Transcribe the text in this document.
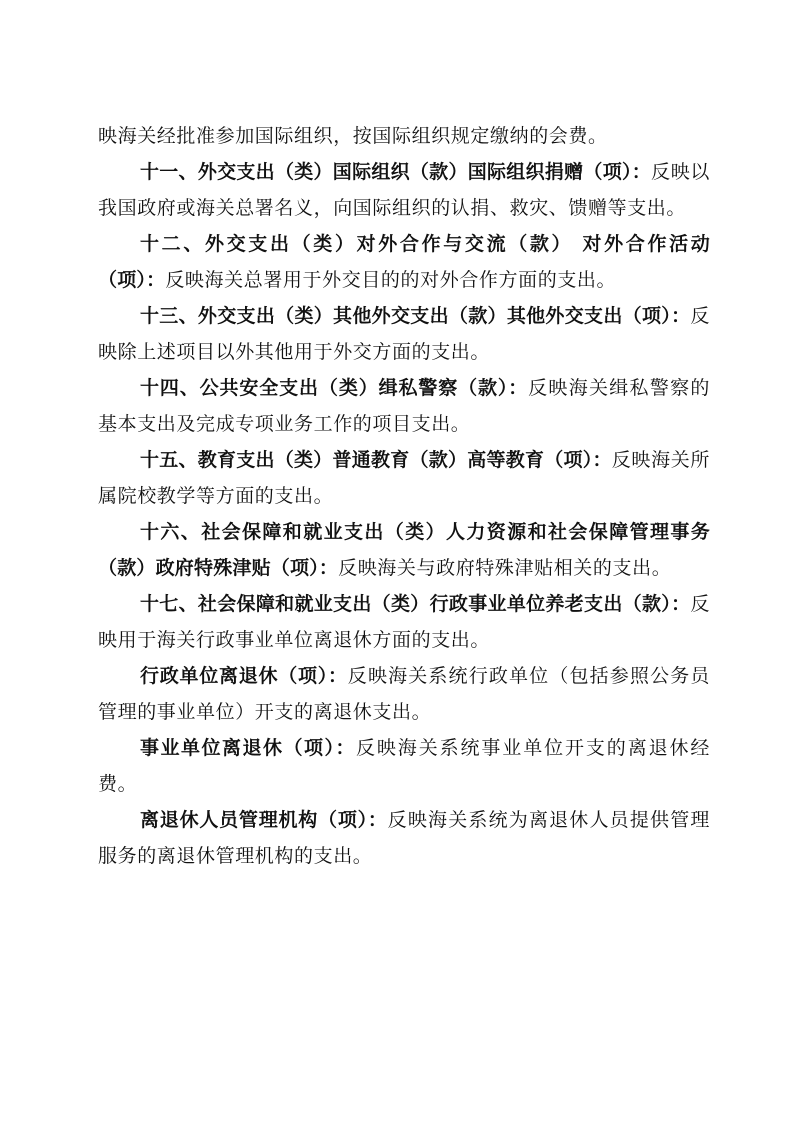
映海关经批准参加国际组织，按国际组织规定缴纳的会费。

十一、外交支出（类）国际组织（款）国际组织捐赠（项）：反映以我国政府或海关总署名义，向国际组织的认捐、救灾、馈赠等支出。

十二、外交支出（类）对外合作与交流（款） 对外合作活动（项）：反映海关总署用于外交目的的对外合作方面的支出。

十三、外交支出（类）其他外交支出（款）其他外交支出（项）：反映除上述项目以外其他用于外交方面的支出。

十四、公共安全支出（类）缉私警察（款）：反映海关缉私警察的基本支出及完成专项业务工作的项目支出。

十五、教育支出（类）普通教育（款）高等教育（项）：反映海关所属院校教学等方面的支出。

十六、社会保障和就业支出（类）人力资源和社会保障管理事务（款）政府特殊津贴（项）：反映海关与政府特殊津贴相关的支出。

十七、社会保障和就业支出（类）行政事业单位养老支出（款）：反映用于海关行政事业单位离退休方面的支出。

行政单位离退休（项）：反映海关系统行政单位（包括参照公务员管理的事业单位）开支的离退休支出。

事业单位离退休（项）：反映海关系统事业单位开支的离退休经费。

离退休人员管理机构（项）：反映海关系统为离退休人员提供管理服务的离退休管理机构的支出。
